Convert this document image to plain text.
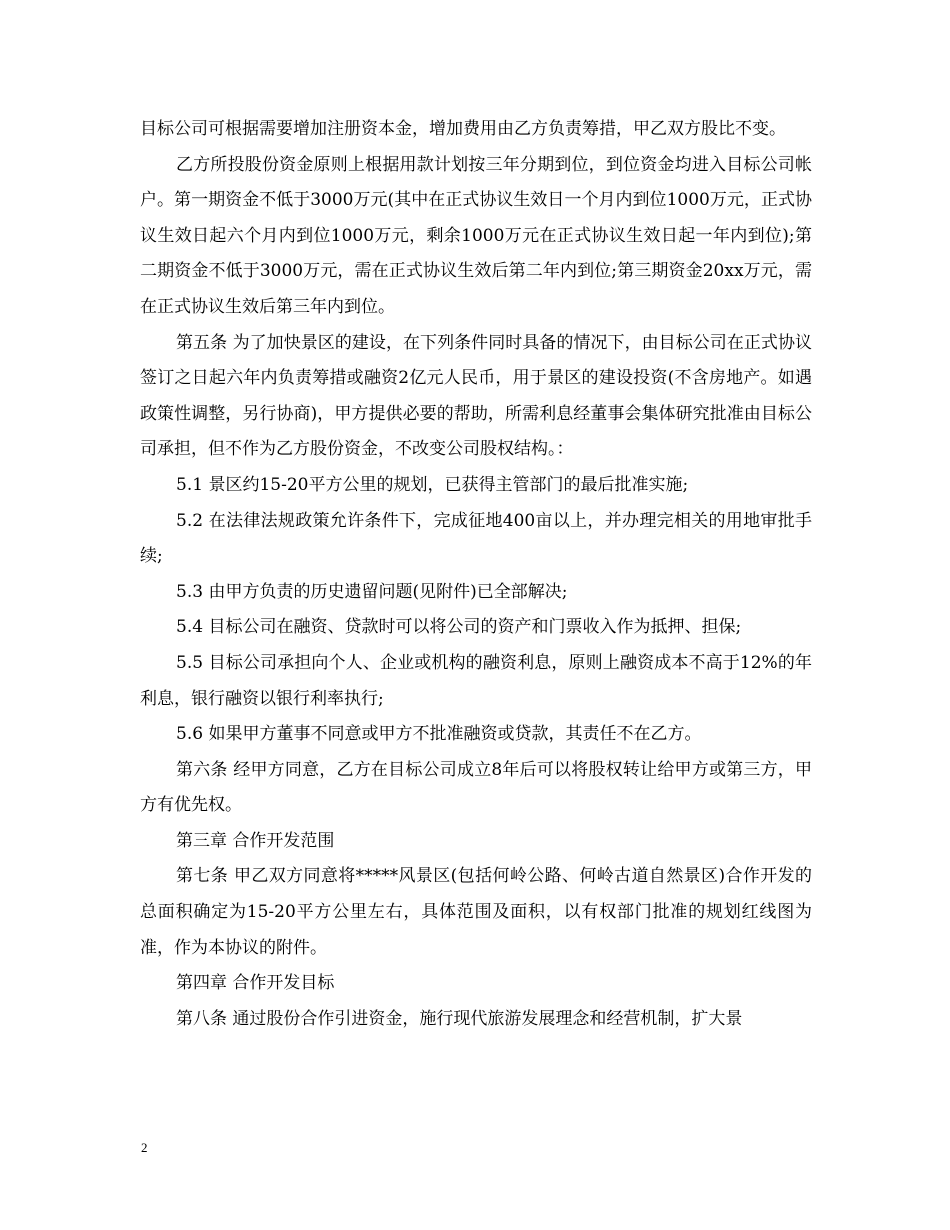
目标公司可根据需要增加注册资本金，增加费用由乙方负责筹措，甲乙双方股比不变。

乙方所投股份资金原则上根据用款计划按三年分期到位，到位资金均进入目标公司帐户。第一期资金不低于3000万元(其中在正式协议生效日一个月内到位1000万元，正式协议生效日起六个月内到位1000万元，剩余1000万元在正式协议生效日起一年内到位);第二期资金不低于3000万元，需在正式协议生效后第二年内到位;第三期资金20xx万元，需在正式协议生效后第三年内到位。

第五条 为了加快景区的建设，在下列条件同时具备的情况下，由目标公司在正式协议签订之日起六年内负责筹措或融资2亿元人民币，用于景区的建设投资(不含房地产。如遇政策性调整，另行协商)，甲方提供必要的帮助，所需利息经董事会集体研究批准由目标公司承担，但不作为乙方股份资金，不改变公司股权结构。：

5.1 景区约15-20平方公里的规划，已获得主管部门的最后批准实施;

5.2 在法律法规政策允许条件下，完成征地400亩以上，并办理完相关的用地审批手续;

5.3 由甲方负责的历史遗留问题(见附件)已全部解决;

5.4 目标公司在融资、贷款时可以将公司的资产和门票收入作为抵押、担保;

5.5 目标公司承担向个人、企业或机构的融资利息，原则上融资成本不高于12%的年利息，银行融资以银行利率执行;

5.6 如果甲方董事不同意或甲方不批准融资或贷款，其责任不在乙方。

第六条 经甲方同意，乙方在目标公司成立8年后可以将股权转让给甲方或第三方，甲方有优先权。

第三章 合作开发范围

第七条 甲乙双方同意将*****风景区(包括何岭公路、何岭古道自然景区)合作开发的总面积确定为15-20平方公里左右，具体范围及面积，以有权部门批准的规划红线图为准，作为本协议的附件。

第四章 合作开发目标

第八条 通过股份合作引进资金，施行现代旅游发展理念和经营机制，扩大景

2
